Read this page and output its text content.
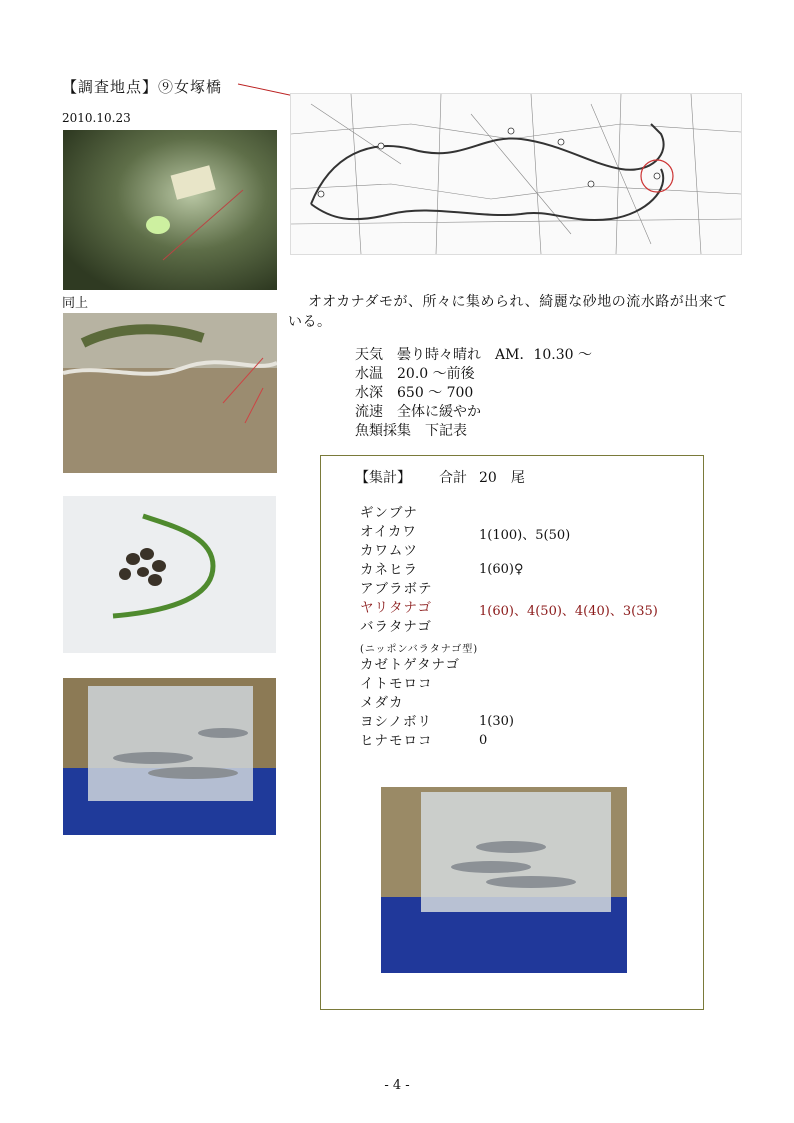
【調査地点】⑨女塚橋
2010.10.23
同上	オオカナダモが、所々に集められ、綺麗な砂地の流水路が出来ている。
天気 曇り時々晴れ　AM．10.30 ～
水温 20.0 ～前後
水深 650 ～ 700
流速 全体に緩やか
魚類採集 下記表
【集計】 合計 20 尾
ギンブナ
オイカワ	1(100)、5(50)
カワムツ
カネヒラ	1(60)♀
アブラボテ
ヤリタナゴ	1(60)、4(50)、4(40)、3(35)
バラタナゴ
(ニッポンバラタナゴ型)
カゼトゲタナゴ
イトモロコ
メダカ
ヨシノボリ	1(30)
ヒナモロコ	0
- 4 -
